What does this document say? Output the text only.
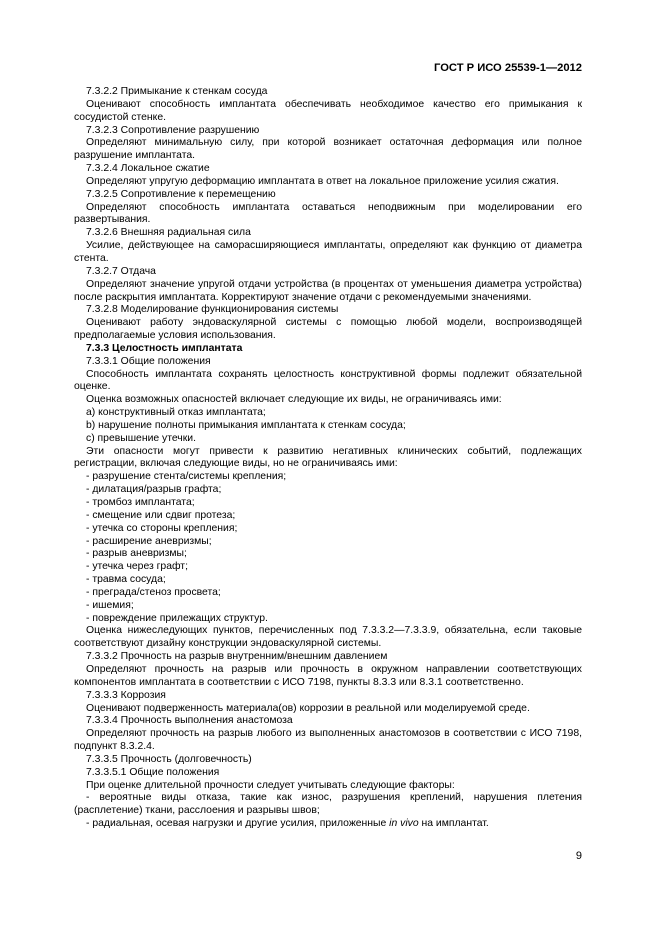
ГОСТ Р ИСО 25539-1—2012

7.3.2.2 Примыкание к стенкам сосуда

Оценивают способность имплантата обеспечивать необходимое качество его примыкания к сосудистой стенке.

7.3.2.3 Сопротивление разрушению

Определяют минимальную силу, при которой возникает остаточная деформация или полное разрушение имплантата.

7.3.2.4 Локальное сжатие

Определяют упругую деформацию имплантата в ответ на локальное приложение усилия сжатия.

7.3.2.5 Сопротивление к перемещению

Определяют способность имплантата оставаться неподвижным при моделировании его развертывания.

7.3.2.6 Внешняя радиальная сила

Усилие, действующее на саморасширяющиеся имплантаты, определяют как функцию от диаметра стента.

7.3.2.7 Отдача

Определяют значение упругой отдачи устройства (в процентах от уменьшения диаметра устройства) после раскрытия имплантата. Корректируют значение отдачи с рекомендуемыми значениями.

7.3.2.8 Моделирование функционирования системы

Оценивают работу эндоваскулярной системы с помощью любой модели, воспроизводящей предполагаемые условия использования.

7.3.3 Целостность имплантата

7.3.3.1 Общие положения

Способность имплантата сохранять целостность конструктивной формы подлежит обязательной оценке.

Оценка возможных опасностей включает следующие их виды, не ограничиваясь ими:

а) конструктивный отказ имплантата;

b) нарушение полноты примыкания имплантата к стенкам сосуда;

с) превышение утечки.

Эти опасности могут привести к развитию негативных клинических событий, подлежащих регистрации, включая следующие виды, но не ограничиваясь ими:

- разрушение стента/системы крепления;

- дилатация/разрыв графта;

- тромбоз имплантата;

- смещение или сдвиг протеза;

- утечка со стороны крепления;

- расширение аневризмы;

- разрыв аневризмы;

- утечка через графт;

- травма сосуда;

- преграда/стеноз просвета;

- ишемия;

- повреждение прилежащих структур.

Оценка нижеследующих пунктов, перечисленных под 7.3.3.2—7.3.3.9, обязательна, если таковые соответствуют дизайну конструкции эндоваскулярной системы.

7.3.3.2 Прочность на разрыв внутренним/внешним давлением

Определяют прочность на разрыв или прочность в окружном направлении соответствующих компонентов имплантата в соответствии с ИСО 7198, пункты 8.3.3 или 8.3.1 соответственно.

7.3.3.3 Коррозия

Оценивают подверженность материала(ов) коррозии в реальной или моделируемой среде.

7.3.3.4 Прочность выполнения анастомоза

Определяют прочность на разрыв любого из выполненных анастомозов в соответствии с ИСО 7198, подпункт 8.3.2.4.

7.3.3.5 Прочность (долговечность)

7.3.3.5.1 Общие положения

При оценке длительной прочности следует учитывать следующие факторы:

- вероятные виды отказа, такие как износ, разрушения креплений, нарушения плетения (расплетение) ткани, расслоения и разрывы швов;

- радиальная, осевая нагрузки и другие усилия, приложенные in vivo на имплантат.

9
